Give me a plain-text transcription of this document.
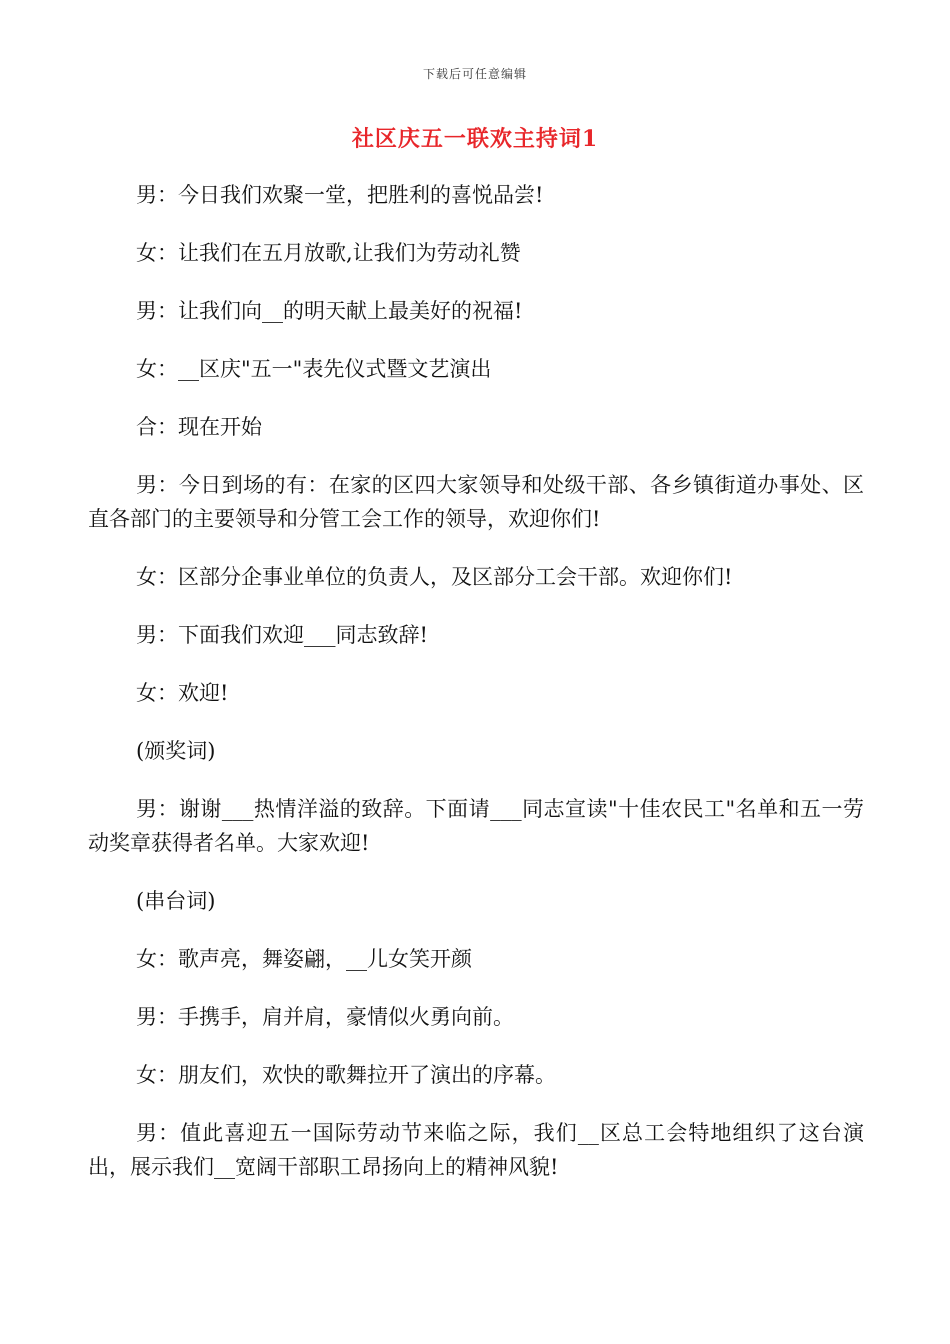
下载后可任意编辑
社区庆五一联欢主持词1

男：今日我们欢聚一堂，把胜利的喜悦品尝!

女：让我们在五月放歌,让我们为劳动礼赞

男：让我们向__的明天献上最美好的祝福!

女：__区庆"五一"表先仪式暨文艺演出

合：现在开始

男：今日到场的有：在家的区四大家领导和处级干部、各乡镇街道办事处、区直各部门的主要领导和分管工会工作的领导，欢迎你们!

女：区部分企事业单位的负责人，及区部分工会干部。欢迎你们!

男：下面我们欢迎___同志致辞!

女：欢迎!

(颁奖词)

男：谢谢___热情洋溢的致辞。下面请___同志宣读"十佳农民工"名单和五一劳动奖章获得者名单。大家欢迎!

(串台词)

女：歌声亮，舞姿翩，__儿女笑开颜

男：手携手，肩并肩，豪情似火勇向前。

女：朋友们，欢快的歌舞拉开了演出的序幕。

男：值此喜迎五一国际劳动节来临之际，我们__区总工会特地组织了这台演出，展示我们__宽阔干部职工昂扬向上的精神风貌!
